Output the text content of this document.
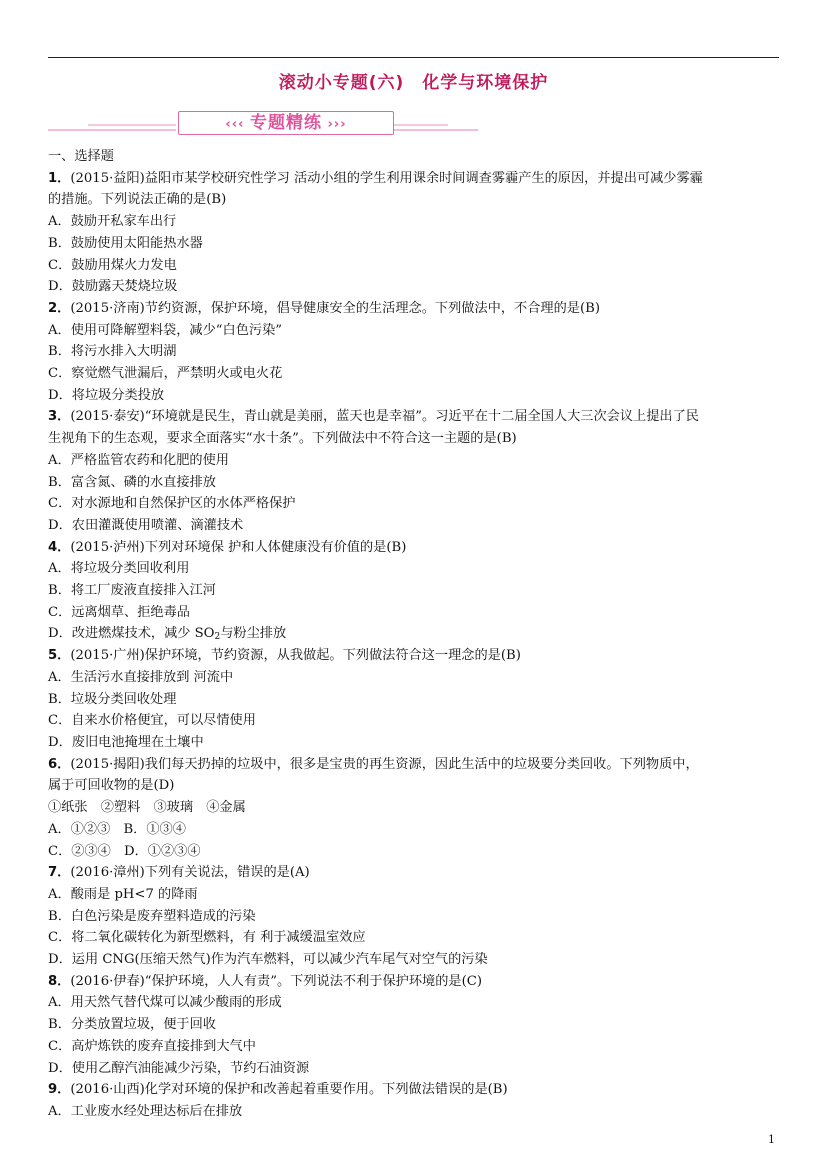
滚动小专题(六)　化学与环境保护
‹‹‹ 专题精练 ›››
一、选择题
1．(2015·益阳)益阳市某学校研究性学习 活动小组的学生利用课余时间调查雾霾产生的原因，并提出可减少雾霾
的措施。下列说法正确的是(B)
A．鼓励开私家车出行
B．鼓励使用太阳能热水器
C．鼓励用煤火力发电
D．鼓励露天焚烧垃圾
2．(2015·济南)节约资源，保护环境，倡导健康安全的生活理念。下列做法中，不合理的是(B)
A．使用可降解塑料袋，减少“白色污染”
B．将污水排入大明湖
C．察觉燃气泄漏后，严禁明火或电火花
D．将垃圾分类投放
3．(2015·泰安)“环境就是民生，青山就是美丽，蓝天也是幸福”。习近平在十二届全国人大三次会议上提出了民
生视角下的生态观，要求全面落实“水十条”。下列做法中不符合这一主题的是(B)
A．严格监管农药和化肥的使用
B．富含氮、磷的水直接排放
C．对水源地和自然保护区的水体严格保护
D．农田灌溉使用喷灌、滴灌技术
4．(2015·泸州)下列对环境保 护和人体健康没有价值的是(B)
A．将垃圾分类回收利用
B．将工厂废液直接排入江河
C．远离烟草、拒绝毒品
D．改进燃煤技术，减少 $SO_2$与粉尘排放
5．(2015·广州)保护环境，节约资源，从我做起。下列做法符合这一理念的是(B)
A．生活污水直接排放到 河流中
B．垃圾分类回收处理
C．自来水价格便宜，可以尽情使用
D．废旧电池掩埋在土壤中
6．(2015·揭阳)我们每天扔掉的垃圾中，很多是宝贵的再生资源，因此生活中的垃圾要分类回收。下列物质中，
属于可回收物的是(D)
①纸张　②塑料　③玻璃　④金属
A．①②③　B．①③④
C．②③④　D．①②③④
7．(2016·漳州)下列有关说法，错误的是(A)
A．酸雨是 pH<7 的降雨
B．白色污染是废弃塑料造成的污染
C．将二氧化碳转化为新型燃料，有 利于减缓温室效应
D．运用 CNG(压缩天然气)作为汽车燃料，可以减少汽车尾气对空气的污染
8．(2016·伊春)“保护环境，人人有责”。下列说法不利于保护环境的是(C)
A．用天然气替代煤可以减少酸雨的形成
B．分类放置垃圾，便于回收
C．高炉炼铁的废弃直接排到大气中
D．使用乙醇汽油能减少污染，节约石油资源
9．(2016·山西)化学对环境的保护和改善起着重要作用。下列做法错误的是(B)
A．工业废水经处理达标后在排放
1
